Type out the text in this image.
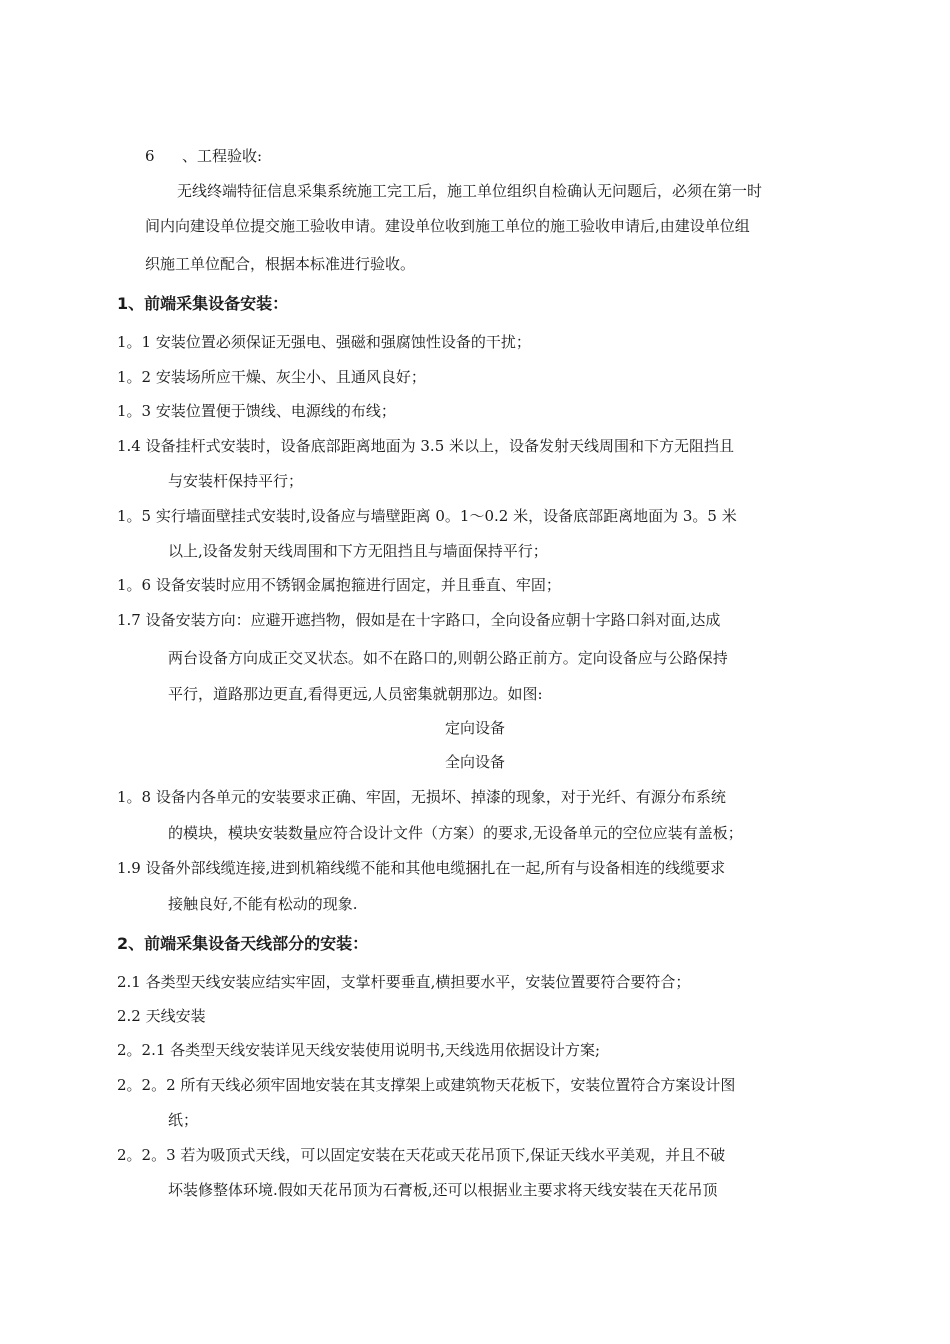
6 、工程验收:
无线终端特征信息采集系统施工完工后，施工单位组织自检确认无问题后，必须在第一时
间内向建设单位提交施工验收申请。建设单位收到施工单位的施工验收申请后,由建设单位组
织施工单位配合，根据本标准进行验收。
1、前端采集设备安装：
1。1 安装位置必须保证无强电、强磁和强腐蚀性设备的干扰；
1。2 安装场所应干燥、灰尘小、且通风良好；
1。3 安装位置便于馈线、电源线的布线；
1.4 设备挂杆式安装时，设备底部距离地面为 3.5 米以上，设备发射天线周围和下方无阻挡且
与安装杆保持平行；
1。5 实行墙面壁挂式安装时,设备应与墙壁距离 0。1～0.2 米，设备底部距离地面为 3。5 米
以上,设备发射天线周围和下方无阻挡且与墙面保持平行；
1。6 设备安装时应用不锈钢金属抱箍进行固定，并且垂直、牢固；
1.7 设备安装方向：应避开遮挡物，假如是在十字路口，全向设备应朝十字路口斜对面,达成
两台设备方向成正交叉状态。如不在路口的,则朝公路正前方。定向设备应与公路保持
平行，道路那边更直,看得更远,人员密集就朝那边。如图:
定向设备
全向设备
1。8 设备内各单元的安装要求正确、牢固，无损坏、掉漆的现象，对于光纤、有源分布系统
的模块，模块安装数量应符合设计文件（方案）的要求,无设备单元的空位应装有盖板；
1.9 设备外部线缆连接,进到机箱线缆不能和其他电缆捆扎在一起,所有与设备相连的线缆要求
接触良好,不能有松动的现象.
2、前端采集设备天线部分的安装：
2.1 各类型天线安装应结实牢固，支掌杆要垂直,横担要水平，安装位置要符合要符合；
2.2 天线安装
2。2.1 各类型天线安装详见天线安装使用说明书,天线选用依据设计方案;
2。2。2 所有天线必须牢固地安装在其支撑架上或建筑物天花板下，安装位置符合方案设计图
纸；
2。2。3 若为吸顶式天线，可以固定安装在天花或天花吊顶下,保证天线水平美观，并且不破
坏装修整体环境.假如天花吊顶为石膏板,还可以根据业主要求将天线安装在天花吊顶
